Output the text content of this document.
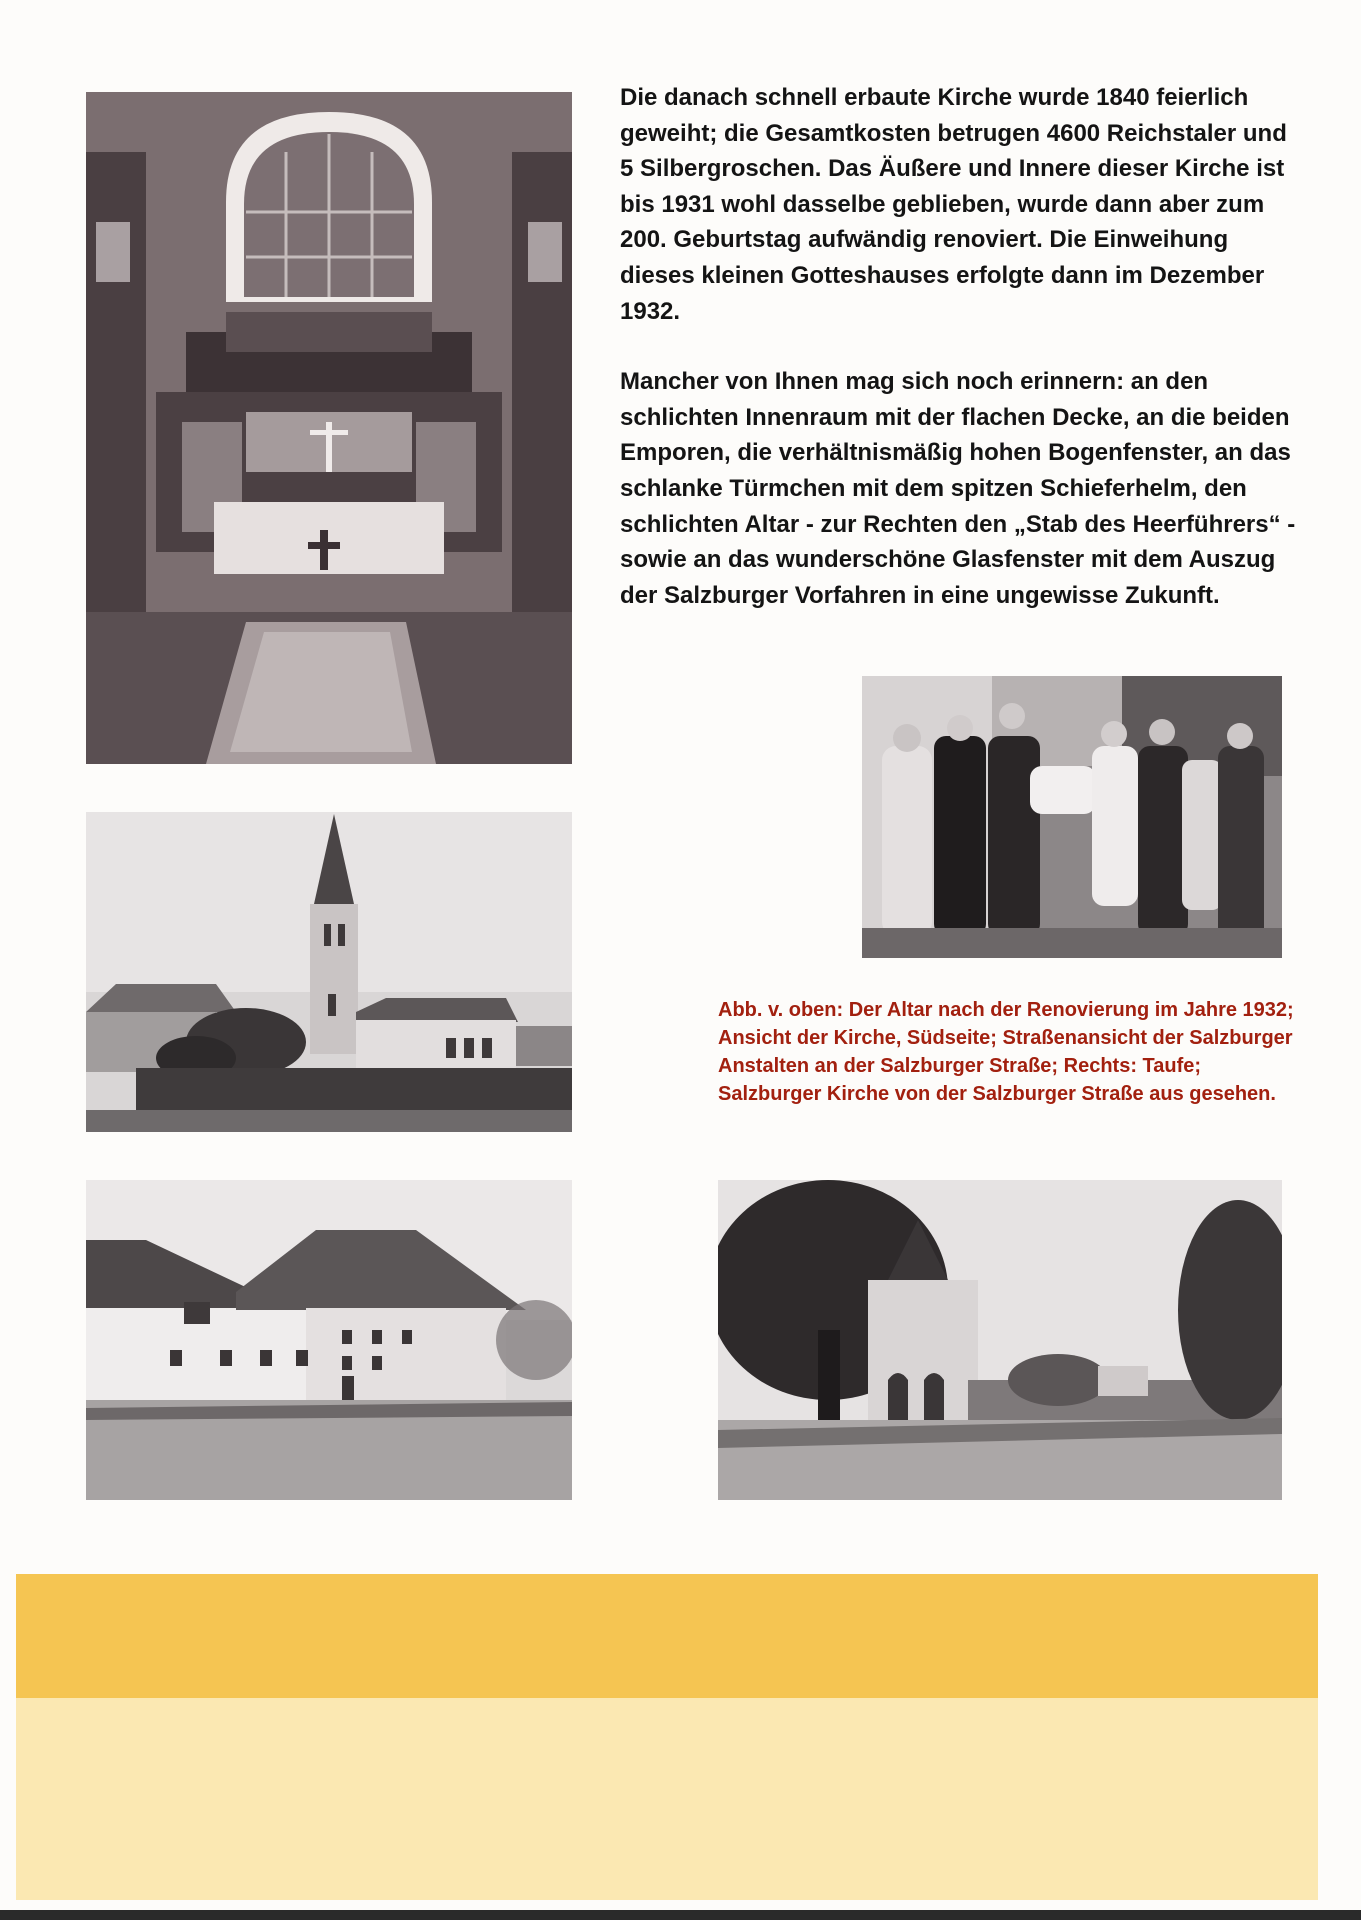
Die danach schnell erbaute Kirche wurde 1840 feierlich geweiht; die Gesamtkosten betrugen 4600 Reichstaler und 5 Silbergroschen. Das Äußere und Innere dieser Kirche ist bis 1931 wohl dasselbe geblieben, wurde dann aber zum 200. Geburtstag aufwändig renoviert. Die Einweihung dieses kleinen Gotteshauses erfolgte dann im Dezember 1932.

Mancher von Ihnen mag sich noch erinnern: an den schlichten Innenraum mit der flachen Decke, an die beiden Emporen, die verhältnismäßig hohen Bogenfenster, an das schlanke Türmchen mit dem spitzen Schieferhelm, den schlichten Altar - zur Rechten den „Stab des Heerführers“ - sowie an das wunderschöne Glasfenster mit dem Auszug der Salzburger Vorfahren in eine ungewisse Zukunft.

Abb. v. oben: Der Altar nach der Renovierung im Jahre 1932; Ansicht der Kirche, Südseite; Straßenansicht der Salzburger Anstalten an der Salzburger Straße; Rechts: Taufe; Salzburger Kirche von der Salzburger Straße aus gesehen.
